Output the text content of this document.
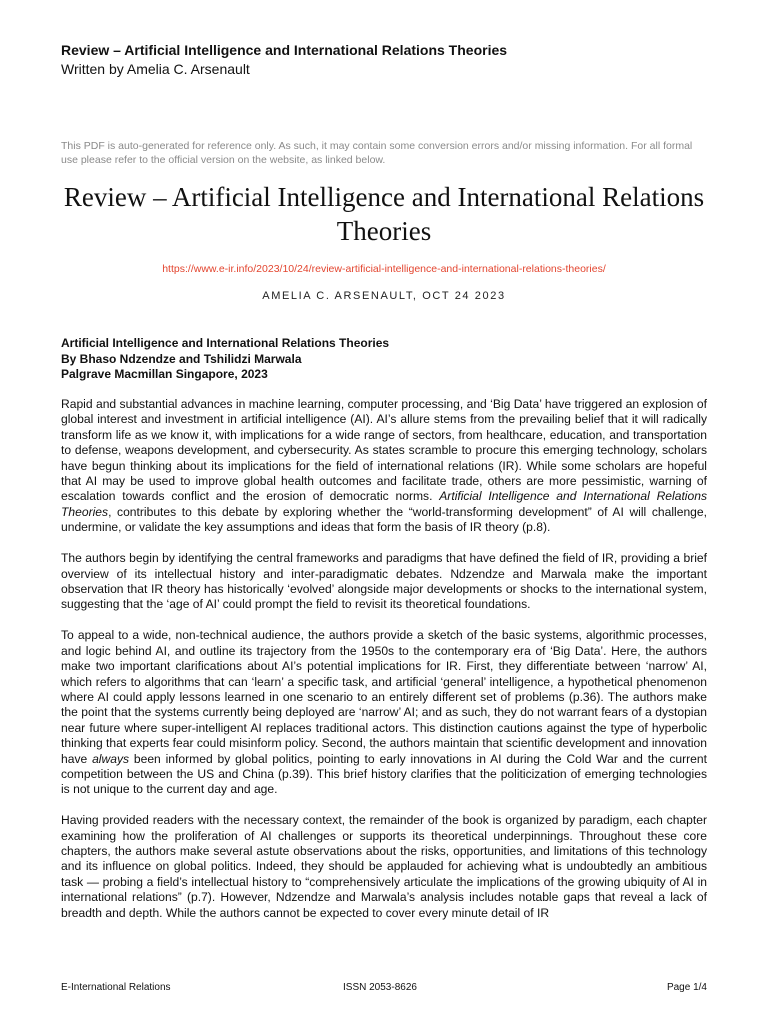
Review – Artificial Intelligence and International Relations Theories
Written by Amelia C. Arsenault
This PDF is auto-generated for reference only. As such, it may contain some conversion errors and/or missing information. For all formal use please refer to the official version on the website, as linked below.
Review – Artificial Intelligence and International Relations Theories
https://www.e-ir.info/2023/10/24/review-artificial-intelligence-and-international-relations-theories/
AMELIA C. ARSENAULT, OCT 24 2023
Artificial Intelligence and International Relations Theories
By Bhaso Ndzendze and Tshilidzi Marwala
Palgrave Macmillan Singapore, 2023

Rapid and substantial advances in machine learning, computer processing, and ‘Big Data’ have triggered an explosion of global interest and investment in artificial intelligence (AI). AI’s allure stems from the prevailing belief that it will radically transform life as we know it, with implications for a wide range of sectors, from healthcare, education, and transportation to defense, weapons development, and cybersecurity. As states scramble to procure this emerging technology, scholars have begun thinking about its implications for the field of international relations (IR). While some scholars are hopeful that AI may be used to improve global health outcomes and facilitate trade, others are more pessimistic, warning of escalation towards conflict and the erosion of democratic norms. Artificial Intelligence and International Relations Theories, contributes to this debate by exploring whether the “world-transforming development” of AI will challenge, undermine, or validate the key assumptions and ideas that form the basis of IR theory (p.8).

The authors begin by identifying the central frameworks and paradigms that have defined the field of IR, providing a brief overview of its intellectual history and inter-paradigmatic debates. Ndzendze and Marwala make the important observation that IR theory has historically ‘evolved’ alongside major developments or shocks to the international system, suggesting that the ‘age of AI’ could prompt the field to revisit its theoretical foundations.

To appeal to a wide, non-technical audience, the authors provide a sketch of the basic systems, algorithmic processes, and logic behind AI, and outline its trajectory from the 1950s to the contemporary era of ‘Big Data’. Here, the authors make two important clarifications about AI’s potential implications for IR. First, they differentiate between ‘narrow’ AI, which refers to algorithms that can ‘learn’ a specific task, and artificial ‘general’ intelligence, a hypothetical phenomenon where AI could apply lessons learned in one scenario to an entirely different set of problems (p.36). The authors make the point that the systems currently being deployed are ‘narrow’ AI; and as such, they do not warrant fears of a dystopian near future where super-intelligent AI replaces traditional actors. This distinction cautions against the type of hyperbolic thinking that experts fear could misinform policy. Second, the authors maintain that scientific development and innovation have always been informed by global politics, pointing to early innovations in AI during the Cold War and the current competition between the US and China (p.39). This brief history clarifies that the politicization of emerging technologies is not unique to the current day and age.

Having provided readers with the necessary context, the remainder of the book is organized by paradigm, each chapter examining how the proliferation of AI challenges or supports its theoretical underpinnings. Throughout these core chapters, the authors make several astute observations about the risks, opportunities, and limitations of this technology and its influence on global politics. Indeed, they should be applauded for achieving what is undoubtedly an ambitious task — probing a field’s intellectual history to “comprehensively articulate the implications of the growing ubiquity of AI in international relations” (p.7). However, Ndzendze and Marwala’s analysis includes notable gaps that reveal a lack of breadth and depth. While the authors cannot be expected to cover every minute detail of IR

E-International Relations	ISSN 2053-8626	Page 1/4
